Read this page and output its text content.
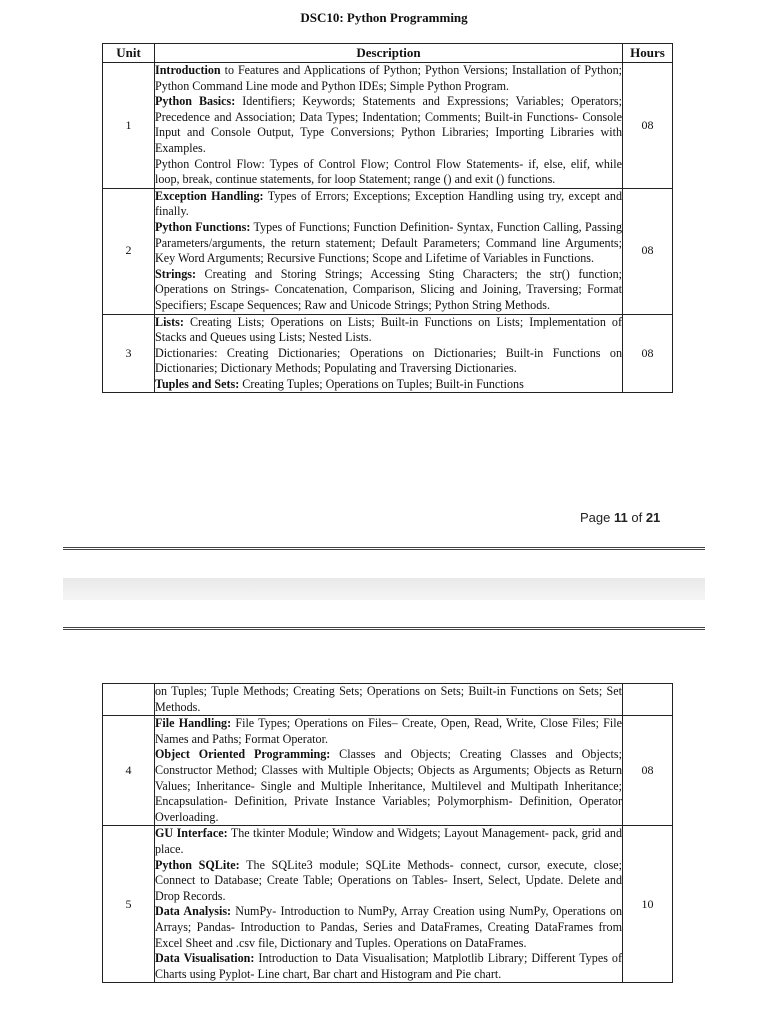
DSC10: Python Programming
Unit	Description	Hours
1	Introduction to Features and Applications of Python; Python Versions; Installation of Python; Python Command Line mode and Python IDEs; Simple Python Program.

Python Basics: Identifiers; Keywords; Statements and Expressions; Variables; Operators; Precedence and Association; Data Types; Indentation; Comments; Built-in Functions- Console Input and Console Output, Type Conversions; Python Libraries; Importing Libraries with Examples.

Python Control Flow: Types of Control Flow; Control Flow Statements- if, else, elif, while loop, break, continue statements, for loop Statement; range () and exit () functions.	08
2	Exception Handling: Types of Errors; Exceptions; Exception Handling using try, except and finally.

Python Functions: Types of Functions; Function Definition- Syntax, Function Calling, Passing Parameters/arguments, the return statement; Default Parameters; Command line Arguments; Key Word Arguments; Recursive Functions; Scope and Lifetime of Variables in Functions.

Strings: Creating and Storing Strings; Accessing Sting Characters; the str() function; Operations on Strings- Concatenation, Comparison, Slicing and Joining, Traversing; Format Specifiers; Escape Sequences; Raw and Unicode Strings; Python String Methods.	08
3	Lists: Creating Lists; Operations on Lists; Built-in Functions on Lists; Implementation of Stacks and Queues using Lists; Nested Lists.

Dictionaries: Creating Dictionaries; Operations on Dictionaries; Built-in Functions on Dictionaries; Dictionary Methods; Populating and Traversing Dictionaries.

Tuples and Sets: Creating Tuples; Operations on Tuples; Built-in Functions	08
Page 11 of 21

	on Tuples; Tuple Methods; Creating Sets; Operations on Sets; Built-in Functions on Sets; Set Methods.	

4	File Handling: File Types; Operations on Files– Create, Open, Read, Write, Close Files; File Names and Paths; Format Operator.

Object Oriented Programming: Classes and Objects; Creating Classes and Objects; Constructor Method; Classes with Multiple Objects; Objects as Arguments; Objects as Return Values; Inheritance- Single and Multiple Inheritance, Multilevel and Multipath Inheritance; Encapsulation- Definition, Private Instance Variables; Polymorphism- Definition, Operator Overloading.	08
5	GU Interface: The tkinter Module; Window and Widgets; Layout Management- pack, grid and place.

Python SQLite: The SQLite3 module; SQLite Methods- connect, cursor, execute, close; Connect to Database; Create Table; Operations on Tables- Insert, Select, Update. Delete and Drop Records.

Data Analysis: NumPy- Introduction to NumPy, Array Creation using NumPy, Operations on Arrays; Pandas- Introduction to Pandas, Series and DataFrames, Creating DataFrames from Excel Sheet and .csv file, Dictionary and Tuples. Operations on DataFrames.

Data Visualisation: Introduction to Data Visualisation; Matplotlib Library; Different Types of Charts using Pyplot- Line chart, Bar chart and Histogram and Pie chart.	10
